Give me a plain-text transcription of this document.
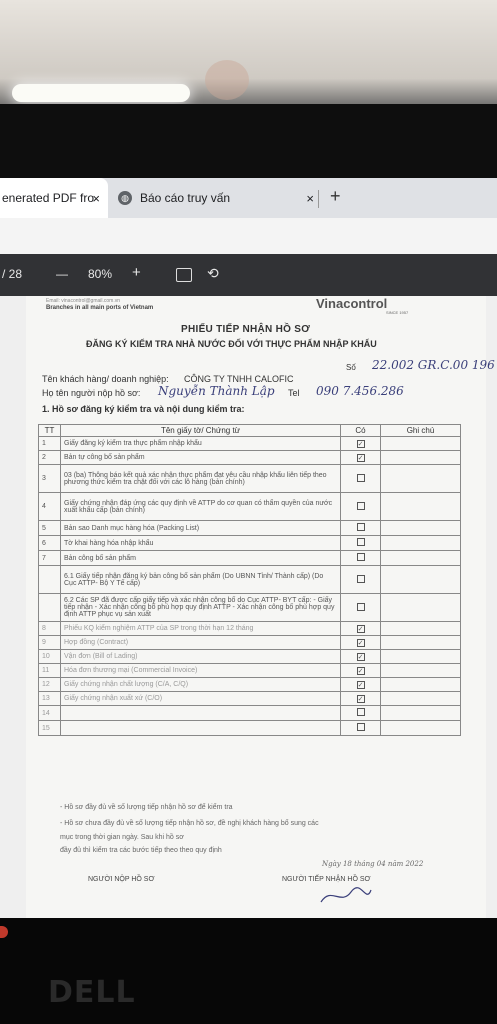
enerated PDF fro
×	◍ Báo cáo truy vấn	× +
/ 28	— 80% +	⟲
Email: vinacontrol@gmail.com.vn
Branches in all main ports of Vietnam	Vinacontrol
SINCE 1957
PHIẾU TIẾP NHẬN HỒ SƠ
ĐĂNG KÝ KIỂM TRA NHÀ NƯỚC ĐỐI VỚI THỰC PHẨM NHẬP KHẨU
Số 22.002 GR.C.00 196
Tên khách hàng/ doanh nghiệp: CÔNG TY TNHH CALOFIC
Họ tên người nộp hồ sơ: Nguyễn Thành Lập Tel 090 7.456.286
1. Hồ sơ đăng ký kiểm tra và nội dung kiểm tra:
TT	Tên giấy tờ/ Chứng từ	Có	Ghi chú
1	Giấy đăng ký kiểm tra thực phẩm nhập khẩu	✓	
2	Bản tự công bố sản phẩm	✓	
3	03 (ba) Thông báo kết quả xác nhận thực phẩm đạt yêu cầu nhập khẩu liên tiếp theo phương thức kiểm tra chặt đối với các lô hàng (bản chính)		
4	Giấy chứng nhận đáp ứng các quy định về ATTP do cơ quan có thẩm quyền của nước xuất khẩu cấp (bản chính)		
5	Bản sao Danh mục hàng hóa (Packing List)		
6	Tờ khai hàng hóa nhập khẩu		
7	Bản công bố sản phẩm		
	6.1 Giấy tiếp nhận đăng ký bản công bố sản phẩm (Do UBNN Tỉnh/ Thành cấp) (Do Cục ATTP- Bộ Y Tế cấp)		
	6.2 Các SP đã được cấp giấy tiếp và xác nhận công bố do Cục ATTP- BYT cấp: - Giấy tiếp nhận - Xác nhận công bố phù hợp quy định ATTP - Xác nhận công bố phù hợp quy định ATTP phục vụ sản xuất		
8	Phiếu KQ kiểm nghiệm ATTP của SP trong thời hạn 12 tháng	✓	
9	Hợp đồng (Contract)	✓	
10	Vận đơn (Bill of Lading)	✓	
11	Hóa đơn thương mại (Commercial Invoice)	✓	
12	Giấy chứng nhận chất lượng (C/A, C/Q)	✓	
13	Giấy chứng nhận xuất xứ (C/O)	✓	
14			
15			
- Hồ sơ đầy đủ về số lượng tiếp nhận hồ sơ để kiểm tra
- Hồ sơ chưa đầy đủ về số lượng tiếp nhận hồ sơ, đề nghị khách hàng bổ sung các
mục trong thời gian ngày. Sau khi hồ sơ
đầy đủ thì kiểm tra các bước tiếp theo theo quy định
Ngày 18 tháng 04 năm 2022
NGƯỜI NỘP HỒ SƠ	NGƯỜI TIẾP NHẬN HỒ SƠ
DELL
